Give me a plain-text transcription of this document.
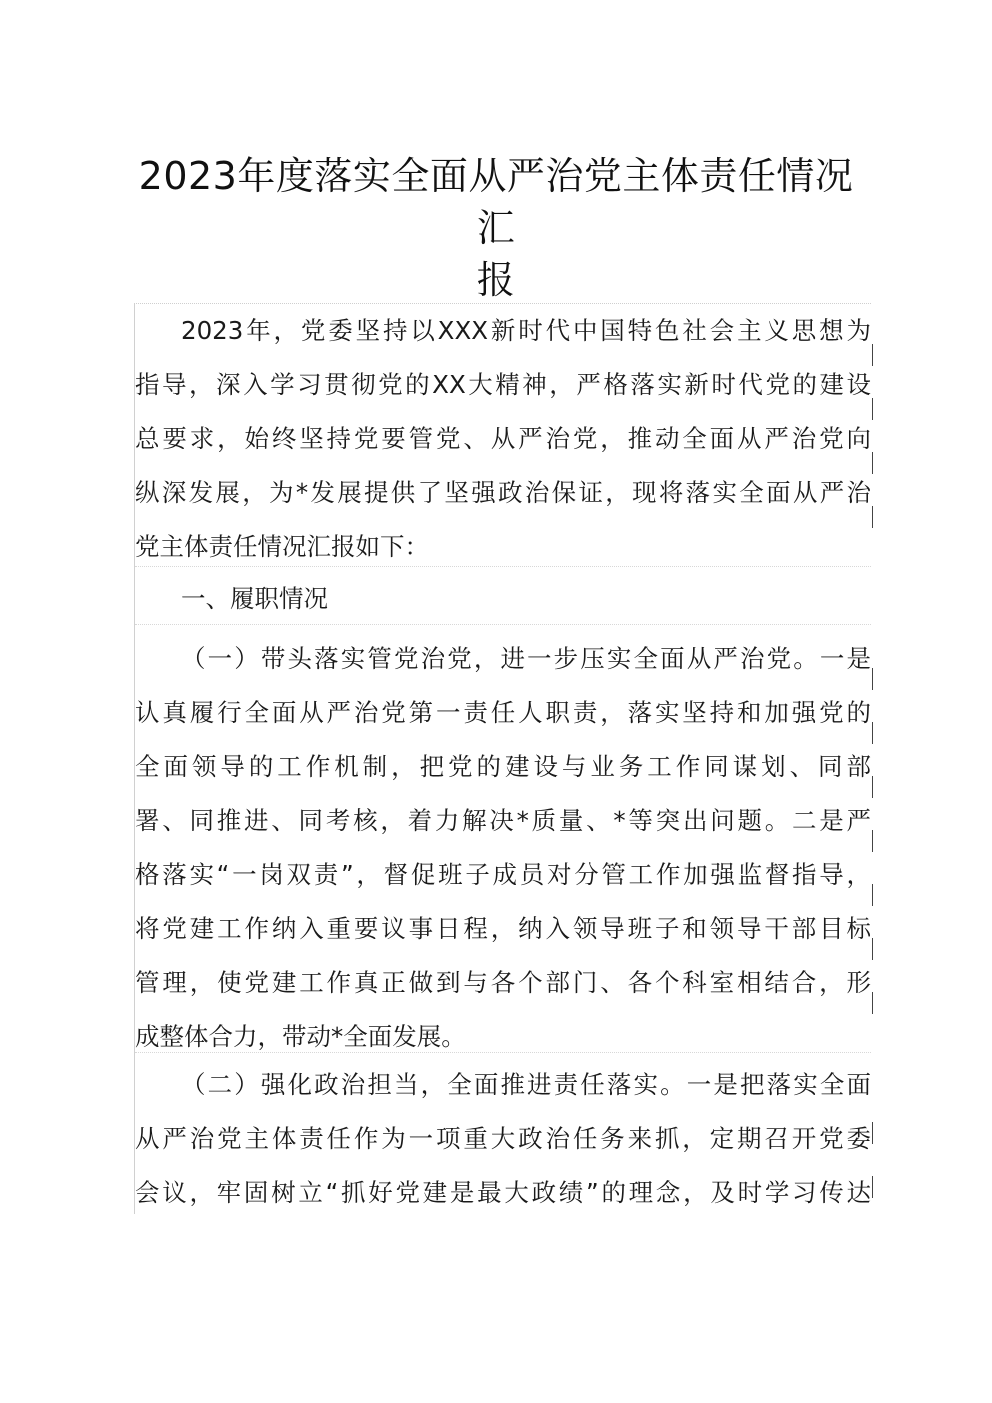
2023年度落实全面从严治党主体责任情况汇
报
2023年，党委坚持以XXX新时代中国特色社会主义思想为
指导，深入学习贯彻党的XX大精神，严格落实新时代党的建设
总要求，始终坚持党要管党、从严治党，推动全面从严治党向
纵深发展，为*发展提供了坚强政治保证，现将落实全面从严治
党主体责任情况汇报如下：
一、履职情况
（一）带头落实管党治党，进一步压实全面从严治党。一是
认真履行全面从严治党第一责任人职责，落实坚持和加强党的
全面领导的工作机制，把党的建设与业务工作同谋划、同部
署、同推进、同考核，着力解决*质量、*等突出问题。二是严
格落实“一岗双责”，督促班子成员对分管工作加强监督指导，
将党建工作纳入重要议事日程，纳入领导班子和领导干部目标
管理，使党建工作真正做到与各个部门、各个科室相结合，形
成整体合力，带动*全面发展。
（二）强化政治担当，全面推进责任落实。一是把落实全面
从严治党主体责任作为一项重大政治任务来抓，定期召开党委
会议，牢固树立“抓好党建是最大政绩”的理念，及时学习传达
